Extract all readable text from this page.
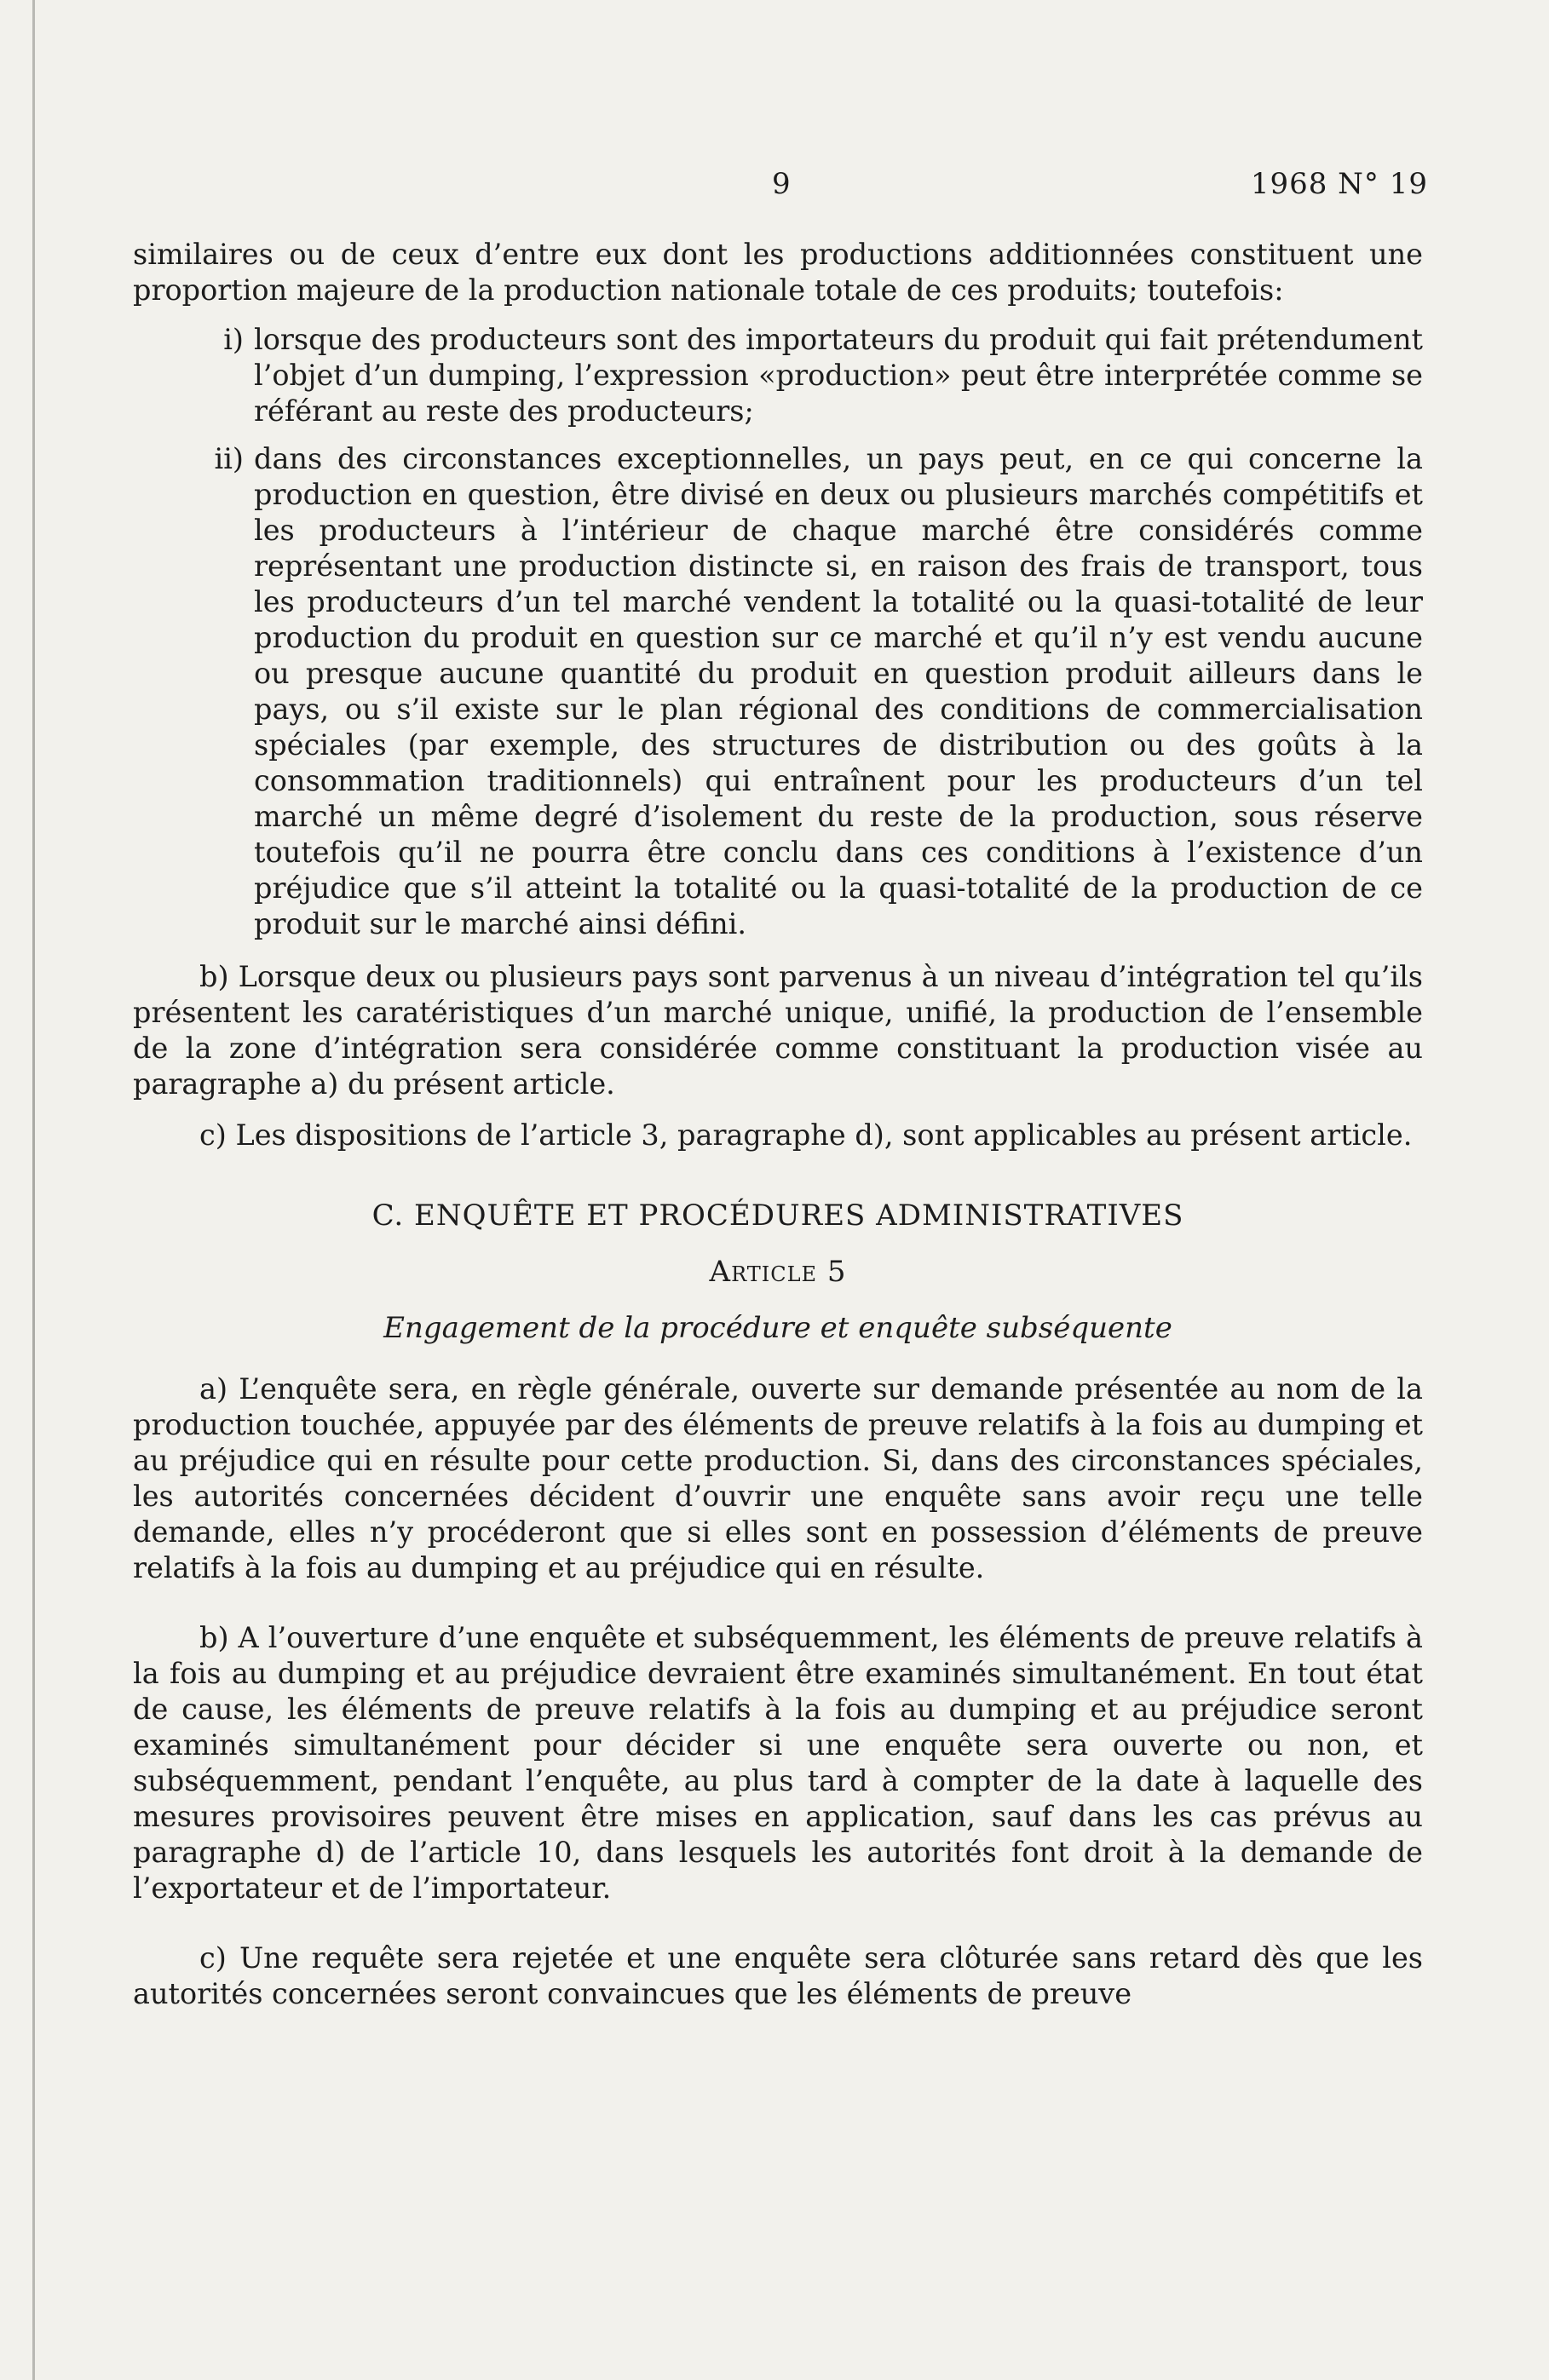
9	1968 N° 19

similaires ou de ceux d’entre eux dont les productions additionnées constituent une proportion majeure de la production nationale totale de ces produits; toutefois:

i) lorsque des producteurs sont des importateurs du produit qui fait prétendument l’objet d’un dumping, l’expression «production» peut être interprétée comme se référant au reste des producteurs;
ii) dans des circonstances exceptionnelles, un pays peut, en ce qui concerne la production en question, être divisé en deux ou plusieurs marchés compétitifs et les producteurs à l’intérieur de chaque marché être considérés comme représentant une production distincte si, en raison des frais de transport, tous les producteurs d’un tel marché vendent la totalité ou la quasi-totalité de leur production du produit en question sur ce marché et qu’il n’y est vendu aucune ou presque aucune quantité du produit en question produit ailleurs dans le pays, ou s’il existe sur le plan régional des conditions de commercialisation spéciales (par exemple, des structures de distribution ou des goûts à la consommation traditionnels) qui entraînent pour les producteurs d’un tel marché un même degré d’isolement du reste de la production, sous réserve toutefois qu’il ne pourra être conclu dans ces conditions à l’existence d’un préjudice que s’il atteint la totalité ou la quasi-totalité de la production de ce produit sur le marché ainsi défini.

b) Lorsque deux ou plusieurs pays sont parvenus à un niveau d’intégration tel qu’ils présentent les caratéristiques d’un marché unique, unifié, la production de l’ensemble de la zone d’intégration sera considérée comme constituant la production visée au paragraphe a) du présent article.

c) Les dispositions de l’article 3, paragraphe d), sont applicables au présent article.

C. ENQUÊTE ET PROCÉDURES ADMINISTRATIVES
Article 5
Engagement de la procédure et enquête subséquente

a) L’enquête sera, en règle générale, ouverte sur demande présentée au nom de la production touchée, appuyée par des éléments de preuve relatifs à la fois au dumping et au préjudice qui en résulte pour cette production. Si, dans des circonstances spéciales, les autorités concernées décident d’ouvrir une enquête sans avoir reçu une telle demande, elles n’y procéderont que si elles sont en possession d’éléments de preuve relatifs à la fois au dumping et au préjudice qui en résulte.

b) A l’ouverture d’une enquête et subséquemment, les éléments de preuve relatifs à la fois au dumping et au préjudice devraient être examinés simultanément. En tout état de cause, les éléments de preuve relatifs à la fois au dumping et au préjudice seront examinés simultanément pour décider si une enquête sera ouverte ou non, et subséquemment, pendant l’enquête, au plus tard à compter de la date à laquelle des mesures provisoires peuvent être mises en application, sauf dans les cas prévus au paragraphe d) de l’article 10, dans lesquels les autorités font droit à la demande de l’exportateur et de l’importateur.

c) Une requête sera rejetée et une enquête sera clôturée sans retard dès que les autorités concernées seront convaincues que les éléments de preuve
